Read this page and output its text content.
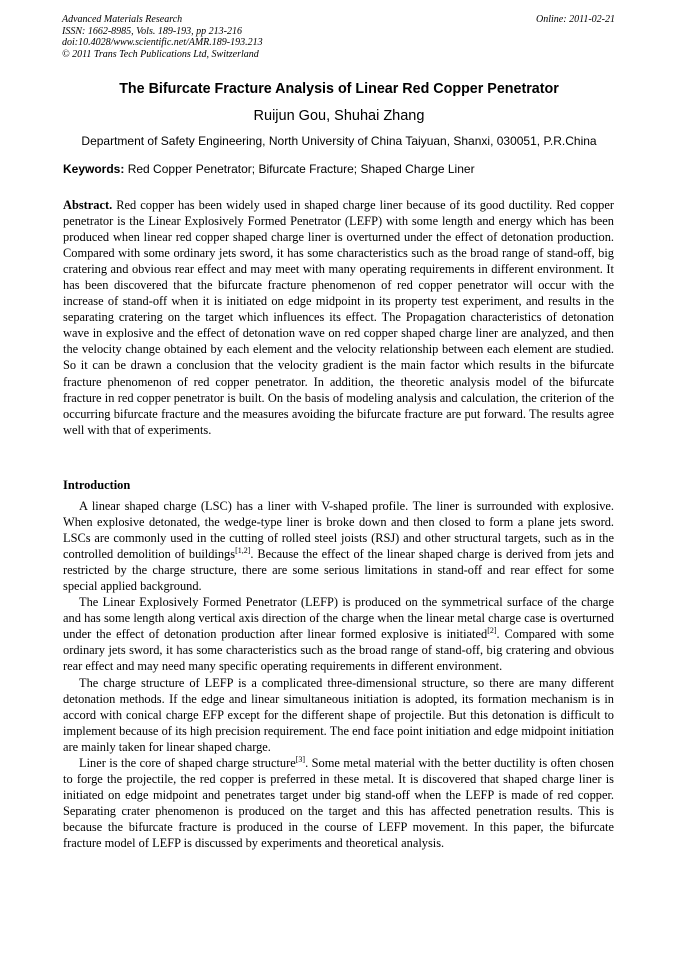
Advanced Materials Research
ISSN: 1662-8985, Vols. 189-193, pp 213-216
doi:10.4028/www.scientific.net/AMR.189-193.213
© 2011 Trans Tech Publications Ltd, Switzerland
Online: 2011-02-21
The Bifurcate Fracture Analysis of Linear Red Copper Penetrator
Ruijun Gou, Shuhai Zhang
Department of Safety Engineering, North University of China Taiyuan, Shanxi, 030051, P.R.China
Keywords: Red Copper Penetrator; Bifurcate Fracture; Shaped Charge Liner
Abstract. Red copper has been widely used in shaped charge liner because of its good ductility. Red copper penetrator is the Linear Explosively Formed Penetrator (LEFP) with some length and energy which has been produced when linear red copper shaped charge liner is overturned under the effect of detonation production. Compared with some ordinary jets sword, it has some characteristics such as the broad range of stand-off, big cratering and obvious rear effect and may meet with many operating requirements in different environment. It has been discovered that the bifurcate fracture phenomenon of red copper penetrator will occur with the increase of stand-off when it is initiated on edge midpoint in its property test experiment, and results in the separating cratering on the target which influences its effect. The Propagation characteristics of detonation wave in explosive and the effect of detonation wave on red copper shaped charge liner are analyzed, and then the velocity change obtained by each element and the velocity relationship between each element are studied. So it can be drawn a conclusion that the velocity gradient is the main factor which results in the bifurcate fracture phenomenon of red copper penetrator. In addition, the theoretic analysis model of the bifurcate fracture in red copper penetrator is built. On the basis of modeling analysis and calculation, the criterion of the occurring bifurcate fracture and the measures avoiding the bifurcate fracture are put forward. The results agree well with that of experiments.
Introduction

A linear shaped charge (LSC) has a liner with V-shaped profile. The liner is surrounded with explosive. When explosive detonated, the wedge-type liner is broke down and then closed to form a plane jets sword. LSCs are commonly used in the cutting of rolled steel joists (RSJ) and other structural targets, such as in the controlled demolition of buildings[1,2]. Because the effect of the linear shaped charge is derived from jets and restricted by the charge structure, there are some serious limitations in stand-off and rear effect for some special applied background.

The Linear Explosively Formed Penetrator (LEFP) is produced on the symmetrical surface of the charge and has some length along vertical axis direction of the charge when the linear metal charge case is overturned under the effect of detonation production after linear formed explosive is initiated[2]. Compared with some ordinary jets sword, it has some characteristics such as the broad range of stand-off, big cratering and obvious rear effect and may need many specific operating requirements in different environment.

The charge structure of LEFP is a complicated three-dimensional structure, so there are many different detonation methods. If the edge and linear simultaneous initiation is adopted, its formation mechanism is in accord with conical charge EFP except for the different shape of projectile. But this detonation is difficult to implement because of its high precision requirement. The end face point initiation and edge midpoint initiation are mainly taken for linear shaped charge.

Liner is the core of shaped charge structure[3]. Some metal material with the better ductility is often chosen to forge the projectile, the red copper is preferred in these metal. It is discovered that shaped charge liner is initiated on edge midpoint and penetrates target under big stand-off when the LEFP is made of red copper. Separating crater phenomenon is produced on the target and this has affected penetration results. This is because the bifurcate fracture is produced in the course of LEFP movement. In this paper, the bifurcate fracture model of LEFP is discussed by experiments and theoretical analysis.
